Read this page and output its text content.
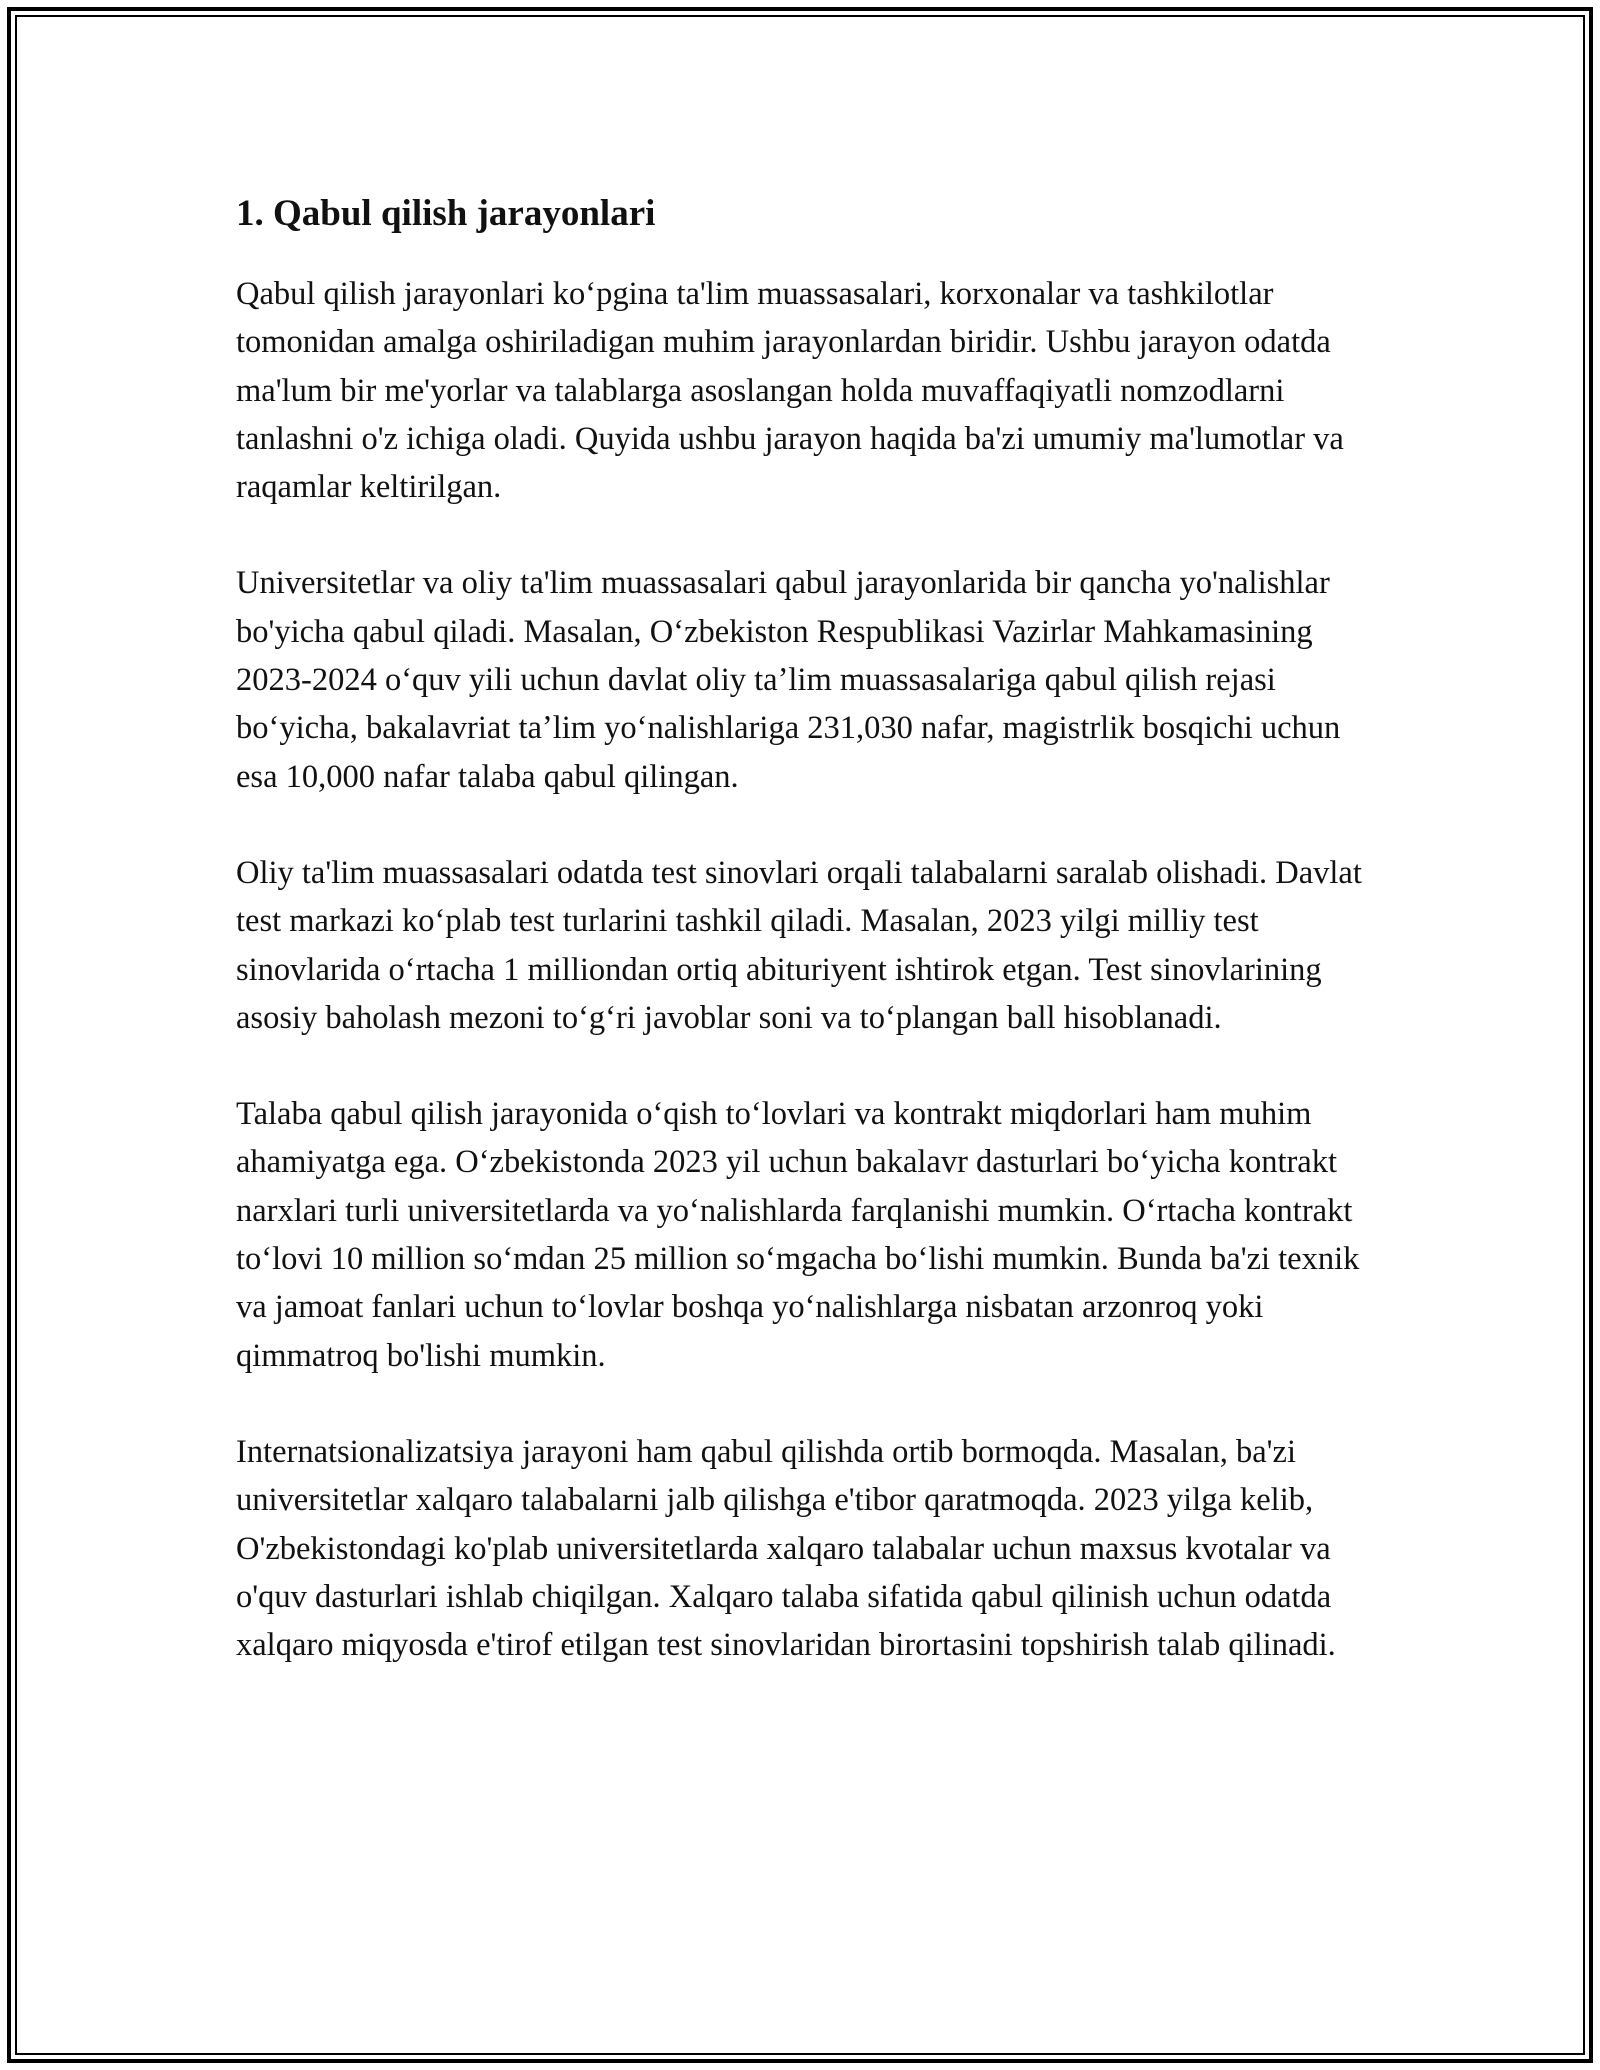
1. Qabul qilish jarayonlari

Qabul qilish jarayonlari koʻpgina ta'lim muassasalari, korxonalar va tashkilotlar tomonidan amalga oshiriladigan muhim jarayonlardan biridir. Ushbu jarayon odatda ma'lum bir me'yorlar va talablarga asoslangan holda muvaffaqiyatli nomzodlarni tanlashni o'z ichiga oladi. Quyida ushbu jarayon haqida ba'zi umumiy ma'lumotlar va raqamlar keltirilgan.

Universitetlar va oliy ta'lim muassasalari qabul jarayonlarida bir qancha yo'nalishlar bo'yicha qabul qiladi. Masalan, Oʻzbekiston Respublikasi Vazirlar Mahkamasining 2023-2024 oʻquv yili uchun davlat oliy taʼlim muassasalariga qabul qilish rejasi boʻyicha, bakalavriat taʼlim yoʻnalishlariga 231,030 nafar, magistrlik bosqichi uchun esa 10,000 nafar talaba qabul qilingan.

Oliy ta'lim muassasalari odatda test sinovlari orqali talabalarni saralab olishadi. Davlat test markazi koʻplab test turlarini tashkil qiladi. Masalan, 2023 yilgi milliy test sinovlarida oʻrtacha 1 milliondan ortiq abituriyent ishtirok etgan. Test sinovlarining asosiy baholash mezoni toʻgʻri javoblar soni va toʻplangan ball hisoblanadi.

Talaba qabul qilish jarayonida oʻqish toʻlovlari va kontrakt miqdorlari ham muhim ahamiyatga ega. Oʻzbekistonda 2023 yil uchun bakalavr dasturlari boʻyicha kontrakt narxlari turli universitetlarda va yoʻnalishlarda farqlanishi mumkin. Oʻrtacha kontrakt toʻlovi 10 million soʻmdan 25 million soʻmgacha boʻlishi mumkin. Bunda ba'zi texnik va jamoat fanlari uchun toʻlovlar boshqa yoʻnalishlarga nisbatan arzonroq yoki qimmatroq bo'lishi mumkin.

Internatsionalizatsiya jarayoni ham qabul qilishda ortib bormoqda. Masalan, ba'zi universitetlar xalqaro talabalarni jalb qilishga e'tibor qaratmoqda. 2023 yilga kelib, O'zbekistondagi ko'plab universitetlarda xalqaro talabalar uchun maxsus kvotalar va o'quv dasturlari ishlab chiqilgan. Xalqaro talaba sifatida qabul qilinish uchun odatda xalqaro miqyosda e'tirof etilgan test sinovlaridan birortasini topshirish talab qilinadi.
